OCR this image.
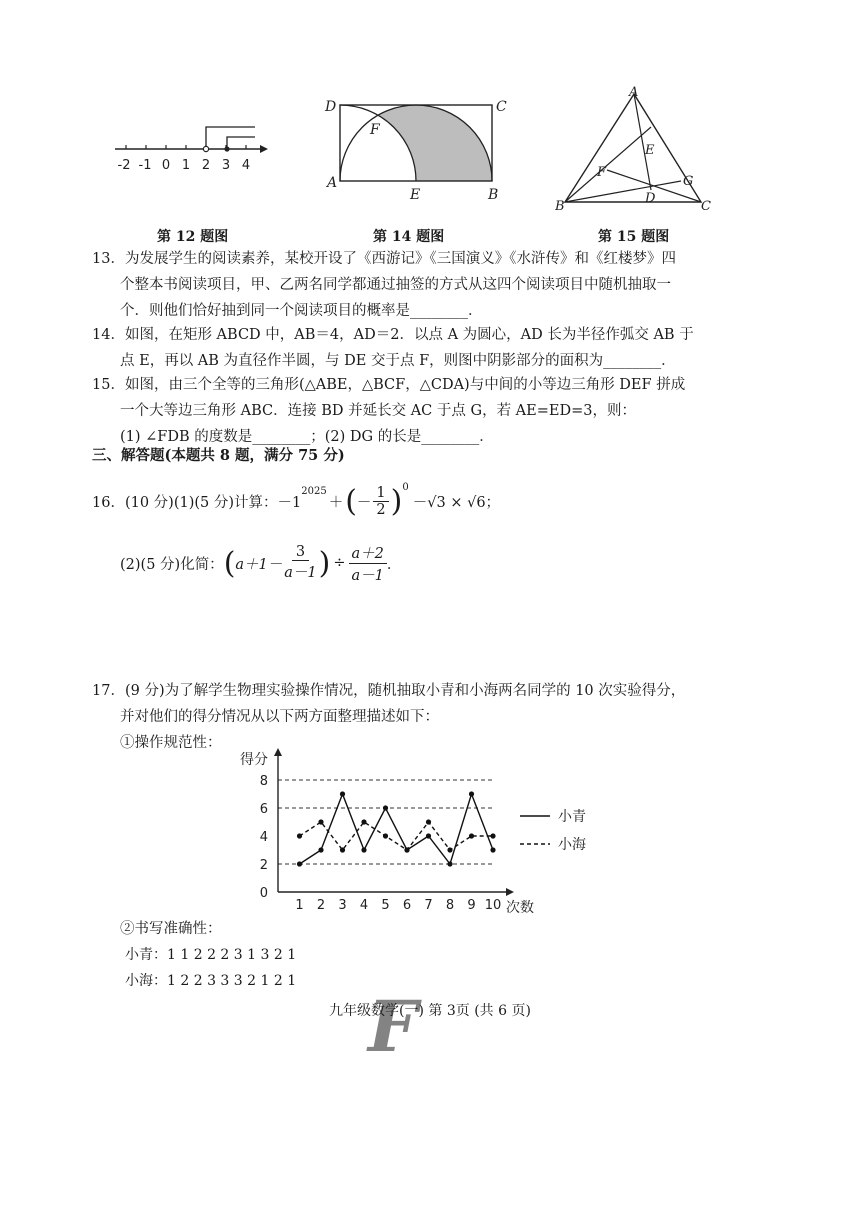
-2 -1 0 1 2 3 4
D	C
F
A
E	B
A
E
F
D
G
B	C
第 12 题图	第 14 题图	第 15 题图
13．为发展学生的阅读素养，某校开设了《西游记》《三国演义》《水浒传》和《红楼梦》四
个整本书阅读项目，甲、乙两名同学都通过抽签的方式从这四个阅读项目中随机抽取一
个．则他们恰好抽到同一个阅读项目的概率是________．
14．如图，在矩形 ABCD 中，AB＝4，AD＝2．以点 A 为圆心，AD 长为半径作弧交 AB 于
点 E，再以 AB 为直径作半圆，与 DE 交于点 F，则图中阴影部分的面积为________．
15．如图，由三个全等的三角形(△ABE，△BCF，△CDA)与中间的小等边三角形 DEF 拼成
一个大等边三角形 ABC．连接 BD 并延长交 AC 于点 G，若 AE=ED=3，则：
(1) ∠FDB 的度数是________；(2) DG 的长是________．
三、解答题(本题共 8 题，满分 75 分)
16．(10 分)(1)(5 分)计算： －1
$^{2025}$
＋ ( － $\frac{1}{2} )^0$
－√3 × √6；
(2)(5 分)化简： ( $a+1- \frac{3}{a-1}$ ) ÷ $\frac{a+2}{a-1}$ ．
17．(9 分)为了解学生物理实验操作情况，随机抽取小青和小海两名同学的 10 次实验得分，
并对他们的得分情况从以下两方面整理描述如下：
①操作规范性：
0
2
4
6
8
1 2 3 4 5 6 7 8 9 10
得分
次数
小青
小海
②书写准确性：
小青：1 1 2 2 2 3 1 3 2 1
小海：1 2 2 3 3 3 2 1 2 1
F
九年级数学(一) 第 3页 (共 6 页)
